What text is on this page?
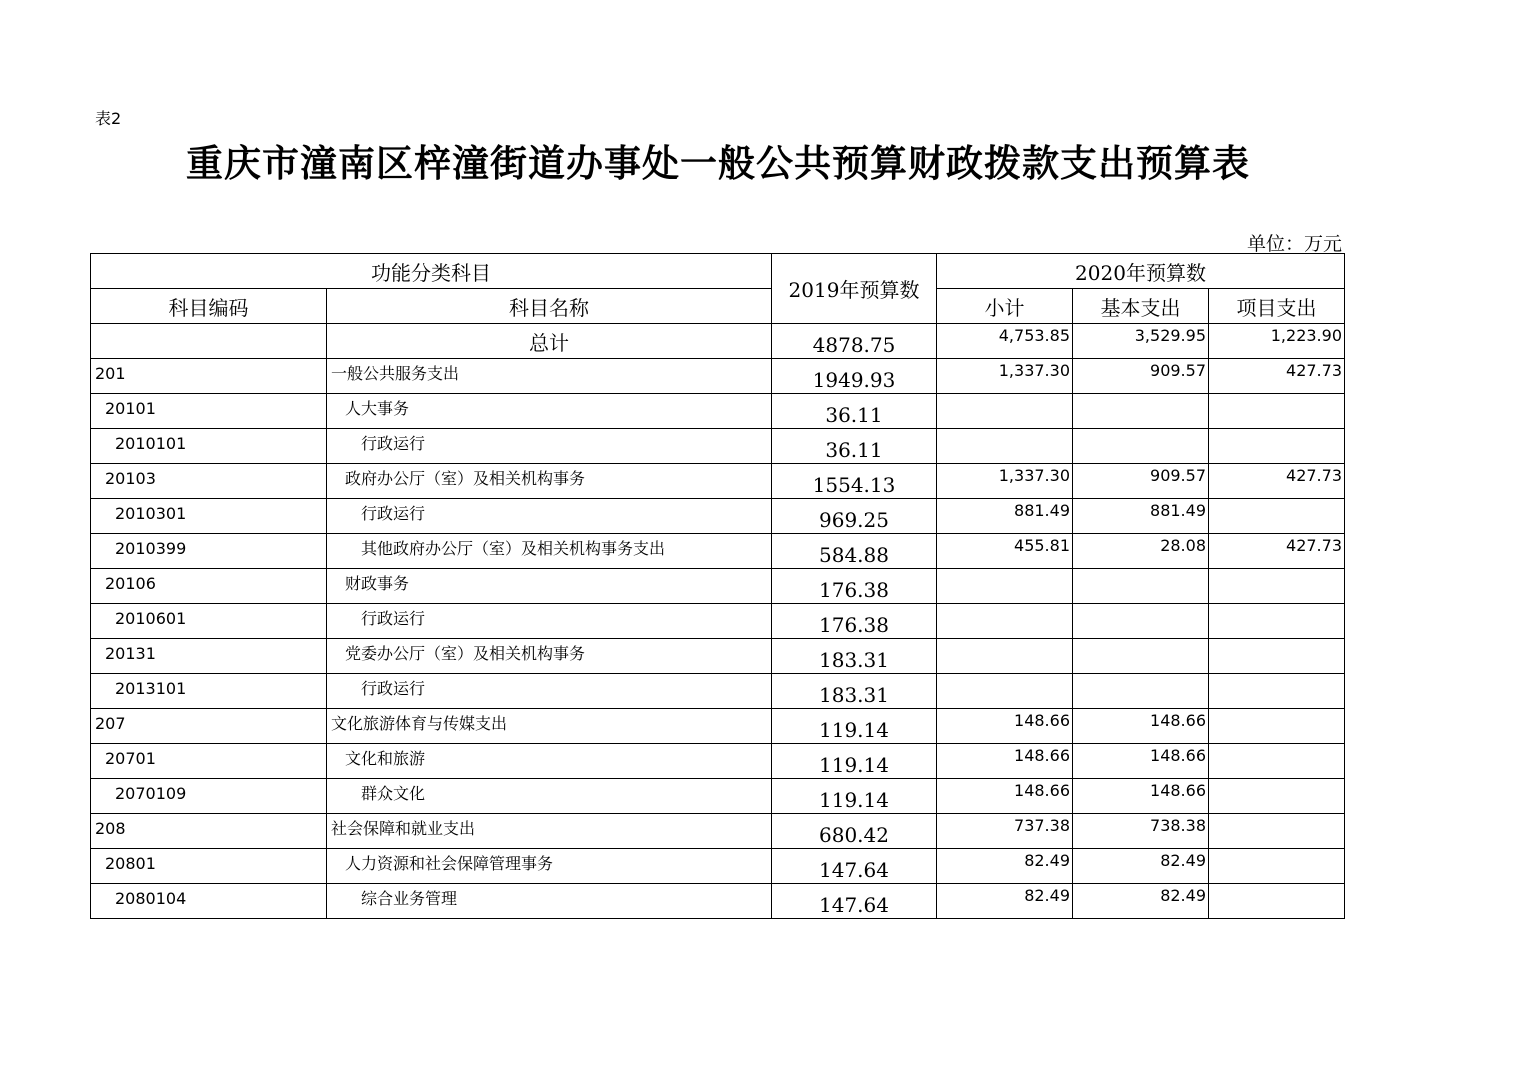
表2
重庆市潼南区梓潼街道办事处一般公共预算财政拨款支出预算表
单位：万元
功能分类科目		2019年预算数	2020年预算数		
科目编码	科目名称		小计	基本支出	项目支出
	总计	4878.75	4,753.85	3,529.95	1,223.90
201	一般公共服务支出	1949.93	1,337.30	909.57	427.73
20101	人大事务	36.11			
2010101	行政运行	36.11			
20103	政府办公厅（室）及相关机构事务	1554.13	1,337.30	909.57	427.73
2010301	行政运行	969.25	881.49	881.49	
2010399	其他政府办公厅（室）及相关机构事务支出	584.88	455.81	28.08	427.73
20106	财政事务	176.38			
2010601	行政运行	176.38			
20131	党委办公厅（室）及相关机构事务	183.31			
2013101	行政运行	183.31			
207	文化旅游体育与传媒支出	119.14	148.66	148.66	
20701	文化和旅游	119.14	148.66	148.66	
2070109	群众文化	119.14	148.66	148.66	
208	社会保障和就业支出	680.42	737.38	738.38	
20801	人力资源和社会保障管理事务	147.64	82.49	82.49	
2080104	综合业务管理	147.64	82.49	82.49	
